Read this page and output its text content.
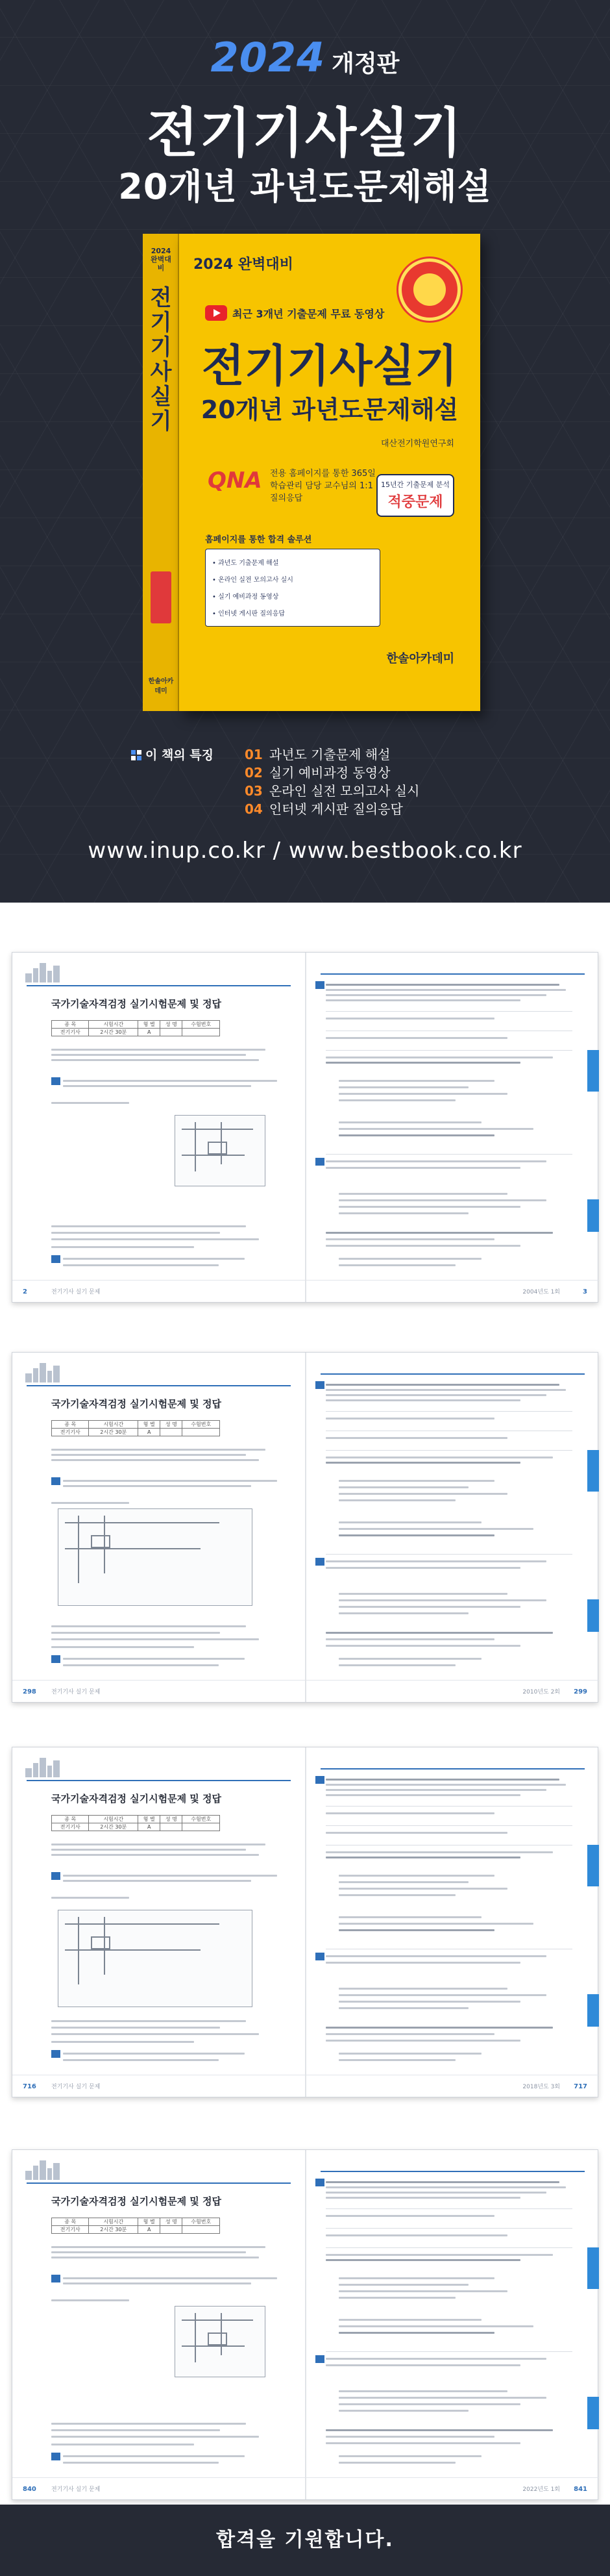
2024 개정판
전기기사실기
20개년 과년도문제해설
2024 완벽대비
전기기사실기
한솔아카데미
2024 완벽대비
최근 3개년 기출문제 무료 동영상
전기기사실기
20개년 과년도문제해설
대산전기학원연구회
QNA 전용 홈페이지를 통한 365일 학습관리 담당 교수님의 1:1 질의응답
15년간 기출문제 분석
적중문제
홈페이지를 통한 합격 솔루션
• 과년도 기출문제 해설
• 온라인 실전 모의고사 실시
• 실기 예비과정 동영상
• 인터넷 게시판 질의응답
한솔아카데미
이 책의 특징 01 과년도 기출문제 해설
02 실기 예비과정 동영상
03 온라인 실전 모의고사 실시
04 인터넷 게시판 질의응답
www.inup.co.kr / www.bestbook.co.kr
국가기술자격검정 실기시험문제 및 정답
종 목	시험시간	형 별	성 명	수험번호
전기기사	2시간 30분	A		
2	전기기사 실기 문제	3
2004년도 1회
국가기술자격검정 실기시험문제 및 정답
종 목	시험시간	형 별	성 명	수험번호
전기기사	2시간 30분	A		
298	전기기사 실기 문제	299
2010년도 2회
국가기술자격검정 실기시험문제 및 정답
종 목	시험시간	형 별	성 명	수험번호
전기기사	2시간 30분	A		
716	전기기사 실기 문제	717
2018년도 3회
국가기술자격검정 실기시험문제 및 정답
종 목	시험시간	형 별	성 명	수험번호
전기기사	2시간 30분	A		
840	전기기사 실기 문제	841
2022년도 1회
합격을 기원합니다.
